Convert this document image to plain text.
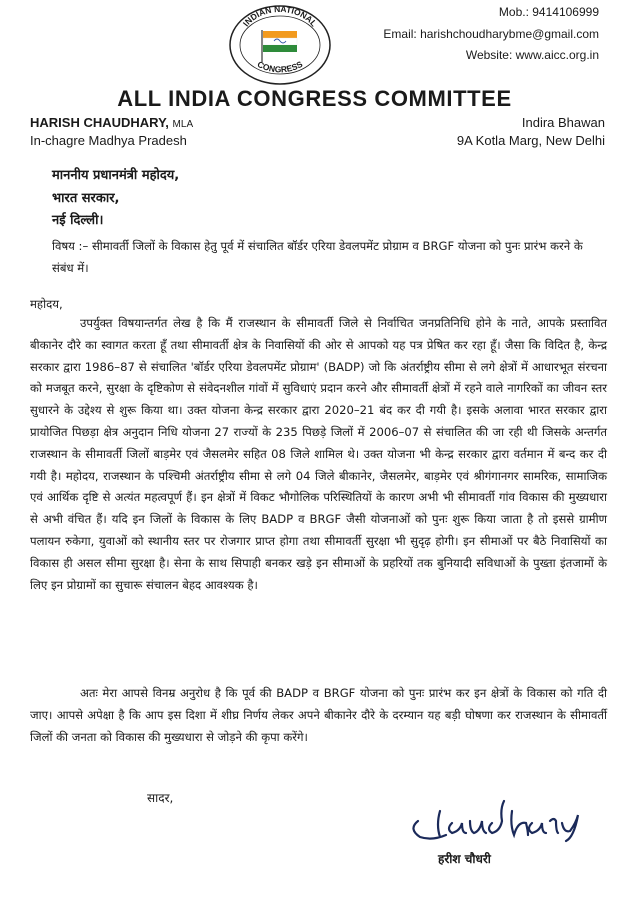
INDIAN NATIONAL
CONGRESS
Mob.: 9414106999
Email: harishchoudharybme@gmail.com
Website: www.aicc.org.in
ALL INDIA CONGRESS COMMITTEE
HARISH CHAUDHARY, MLA
In-chagre Madhya Pradesh
Indira Bhawan
9A Kotla Marg, New Delhi
माननीय प्रधानमंत्री महोदय,
भारत सरकार,
नई दिल्ली।
विषय :– सीमावर्ती जिलों के विकास हेतु पूर्व में संचालित बॉर्डर एरिया डेवलपमेंट प्रोग्राम व BRGF योजना को पुनः प्रारंभ करने के संबंध में।
महोदय,
उपर्युक्त विषयान्तर्गत लेख है कि मैं राजस्थान के सीमावर्ती जिले से निर्वाचित जनप्रतिनिधि होने के नाते, आपके प्रस्तावित बीकानेर दौरे का स्वागत करता हूँ तथा सीमावर्ती क्षेत्र के निवासियों की ओर से आपको यह पत्र प्रेषित कर रहा हूँ। जैसा कि विदित है, केन्द्र सरकार द्वारा 1986–87 से संचालित 'बॉर्डर एरिया डेवलपमेंट प्रोग्राम' (BADP) जो कि अंतर्राष्ट्रीय सीमा से लगे क्षेत्रों में आधारभूत संरचना को मजबूत करने, सुरक्षा के दृष्टिकोण से संवेदनशील गांवों में सुविधाएं प्रदान करने और सीमावर्ती क्षेत्रों में रहने वाले नागरिकों का जीवन स्तर सुधारने के उद्देश्य से शुरू किया था। उक्त योजना केन्द्र सरकार द्वारा 2020–21 बंद कर दी गयी है। इसके अलावा भारत सरकार द्वारा प्रायोजित पिछड़ा क्षेत्र अनुदान निधि योजना 27 राज्यों के 235 पिछड़े जिलों में 2006–07 से संचालित की जा रही थी जिसके अन्तर्गत राजस्थान के सीमावर्ती जिलों बाड़मेर एवं जैसलमेर सहित 08 जिले शामिल थे। उक्त योजना भी केन्द्र सरकार द्वारा वर्तमान में बन्द कर दी गयी है। महोदय, राजस्थान के पश्चिमी अंतर्राष्ट्रीय सीमा से लगे 04 जिले बीकानेर, जैसलमेर, बाड़मेर एवं श्रीगंगानगर सामरिक, सामाजिक एवं आर्थिक दृष्टि से अत्यंत महत्वपूर्ण हैं। इन क्षेत्रों में विकट भौगोलिक परिस्थितियों के कारण अभी भी सीमावर्ती गांव विकास की मुख्यधारा से अभी वंचित हैं। यदि इन जिलों के विकास के लिए BADP व BRGF जैसी योजनाओं को पुनः शुरू किया जाता है तो इससे ग्रामीण पलायन रुकेगा, युवाओं को स्थानीय स्तर पर रोजगार प्राप्त होगा तथा सीमावर्ती सुरक्षा भी सुदृढ़ होगी। इन सीमाओं पर बैठे निवासियों का विकास ही असल सीमा सुरक्षा है। सेना के साथ सिपाही बनकर खड़े इन सीमाओं के प्रहरियों तक बुनियादी सविधाओं के पुख्ता इंतजामों के लिए इन प्रोग्रामों का सुचारू संचालन बेहद आवश्यक है।
अतः मेरा आपसे विनम्र अनुरोध है कि पूर्व की BADP व BRGF योजना को पुनः प्रारंभ कर इन क्षेत्रों के विकास को गति दी जाए। आपसे अपेक्षा है कि आप इस दिशा में शीघ्र निर्णय लेकर अपने बीकानेर दौरे के दरम्यान यह बड़ी घोषणा कर राजस्थान के सीमावर्ती जिलों की जनता को विकास की मुख्यधारा से जोड़ने की कृपा करेंगे।
सादर,
हरीश चौधरी
